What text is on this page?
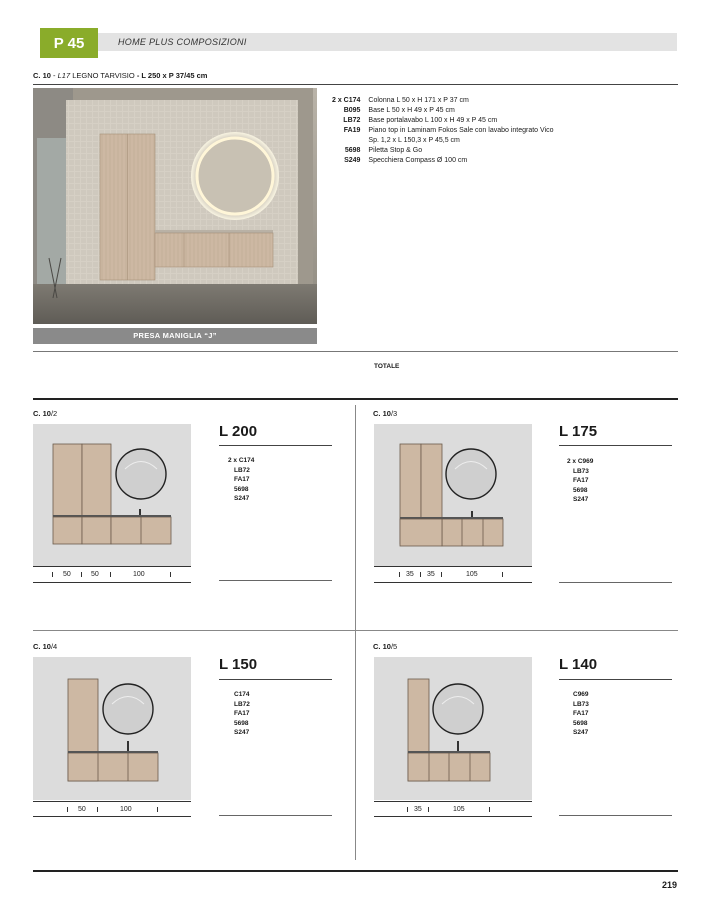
P 45	HOME PLUS COMPOSIZIONI
C. 10 - L17 LEGNO TARVISIO - L 250 x P 37/45 cm
PRESA MANIGLIA “J”
2 x C174	Colonna L 50 x H 171 x P 37 cm
B095	Base L 50 x H 49 x P 45 cm
LB72	Base portalavabo L 100 x H 49 x P 45 cm
FA19	Piano top in Laminam Fokos Sale con lavabo integrato Vico
	Sp. 1,2 x L 150,3 x P 45,5 cm
5698	Piletta Stop & Go
S249	Specchiera Compass Ø 100 cm
TOTALE
C. 10/2
50	50	100
L 200
2 x C174
LB72
FA17
5698
S247
C. 10/3
35 35	105
L 175
2 x C969
LB73
FA17
5698
S247
C. 10/4
50	100
L 150
C174
LB72
FA17
5698
S247
C. 10/5
35	105
L 140
C969
LB73
FA17
5698
S247
219
